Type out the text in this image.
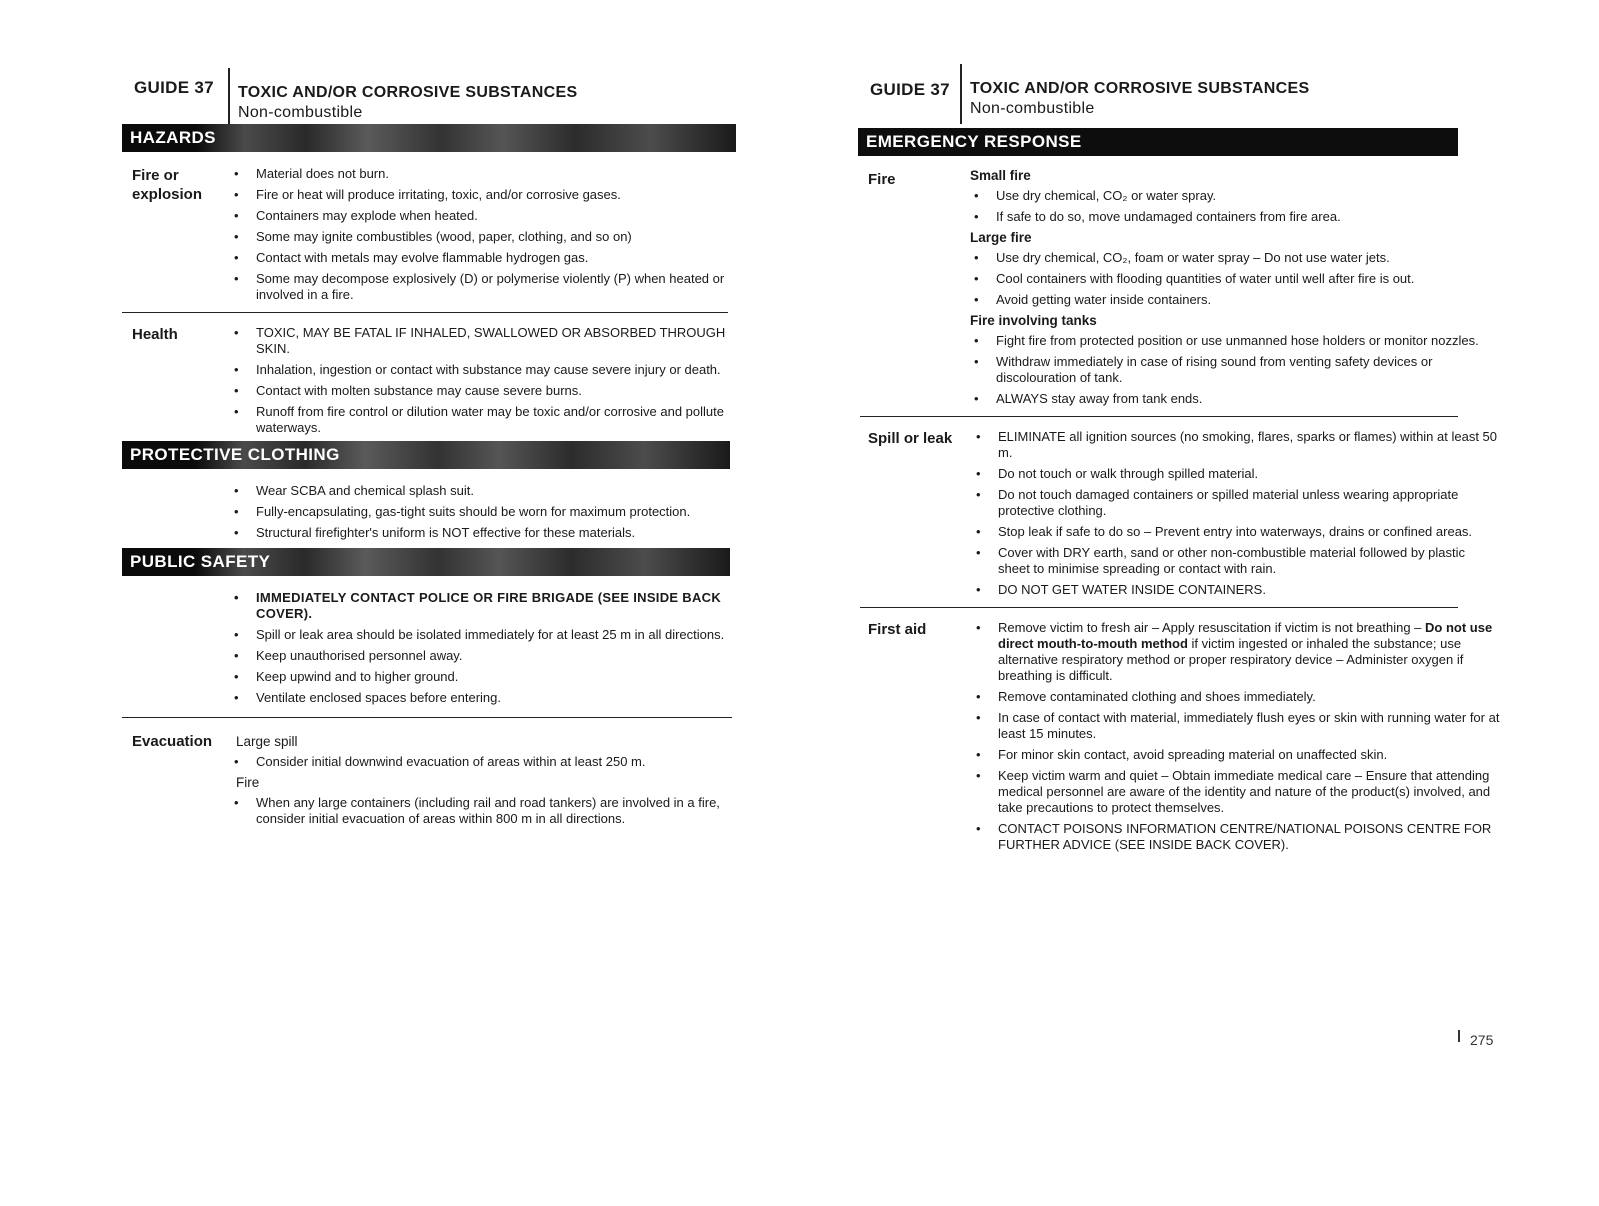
GUIDE 37 TOXIC AND/OR CORROSIVE SUBSTANCES
Non-combustible
HAZARDS
Fire or explosion
• Material does not burn.
• Fire or heat will produce irritating, toxic, and/or corrosive gases.
• Containers may explode when heated.
• Some may ignite combustibles (wood, paper, clothing, and so on)
• Contact with metals may evolve flammable hydrogen gas.
• Some may decompose explosively (D) or polymerise violently (P) when heated or involved in a fire.
Health	• TOXIC, MAY BE FATAL IF INHALED, SWALLOWED OR ABSORBED THROUGH SKIN.
• Inhalation, ingestion or contact with substance may cause severe injury or death.
• Contact with molten substance may cause severe burns.
• Runoff from fire control or dilution water may be toxic and/or corrosive and pollute waterways.
PROTECTIVE CLOTHING
• Wear SCBA and chemical splash suit.
• Fully-encapsulating, gas-tight suits should be worn for maximum protection.
• Structural firefighter's uniform is NOT effective for these materials.
PUBLIC SAFETY
• IMMEDIATELY CONTACT POLICE OR FIRE BRIGADE (SEE INSIDE BACK COVER).
• Spill or leak area should be isolated immediately for at least 25 m in all directions.
• Keep unauthorised personnel away.
• Keep upwind and to higher ground.
• Ventilate enclosed spaces before entering.
Evacuation	Large spill
• Consider initial downwind evacuation of areas within at least 250 m.
Fire
• When any large containers (including rail and road tankers) are involved in a fire, consider initial evacuation of areas within 800 m in all directions.
GUIDE 37 TOXIC AND/OR CORROSIVE SUBSTANCES
Non-combustible
EMERGENCY RESPONSE
Fire	Small fire
• Use dry chemical, CO₂ or water spray.
• If safe to do so, move undamaged containers from fire area.
Large fire
• Use dry chemical, CO₂, foam or water spray – Do not use water jets.
• Cool containers with flooding quantities of water until well after fire is out.
• Avoid getting water inside containers.
Fire involving tanks
• Fight fire from protected position or use unmanned hose holders or monitor nozzles.
• Withdraw immediately in case of rising sound from venting safety devices or discolouration of tank.
• ALWAYS stay away from tank ends.
Spill or leak	• ELIMINATE all ignition sources (no smoking, flares, sparks or flames) within at least 50 m.
• Do not touch or walk through spilled material.
• Do not touch damaged containers or spilled material unless wearing appropriate protective clothing.
• Stop leak if safe to do so – Prevent entry into waterways, drains or confined areas.
• Cover with DRY earth, sand or other non-combustible material followed by plastic sheet to minimise spreading or contact with rain.
• DO NOT GET WATER INSIDE CONTAINERS.
First aid	• Remove victim to fresh air – Apply resuscitation if victim is not breathing – Do not use direct mouth-to-mouth method if victim ingested or inhaled the substance; use alternative respiratory method or proper respiratory device – Administer oxygen if breathing is difficult.
• Remove contaminated clothing and shoes immediately.
• In case of contact with material, immediately flush eyes or skin with running water for at least 15 minutes.
• For minor skin contact, avoid spreading material on unaffected skin.
• Keep victim warm and quiet – Obtain immediate medical care – Ensure that attending medical personnel are aware of the identity and nature of the product(s) involved, and take precautions to protect themselves.
• CONTACT POISONS INFORMATION CENTRE/NATIONAL POISONS CENTRE FOR FURTHER ADVICE (SEE INSIDE BACK COVER).
275
